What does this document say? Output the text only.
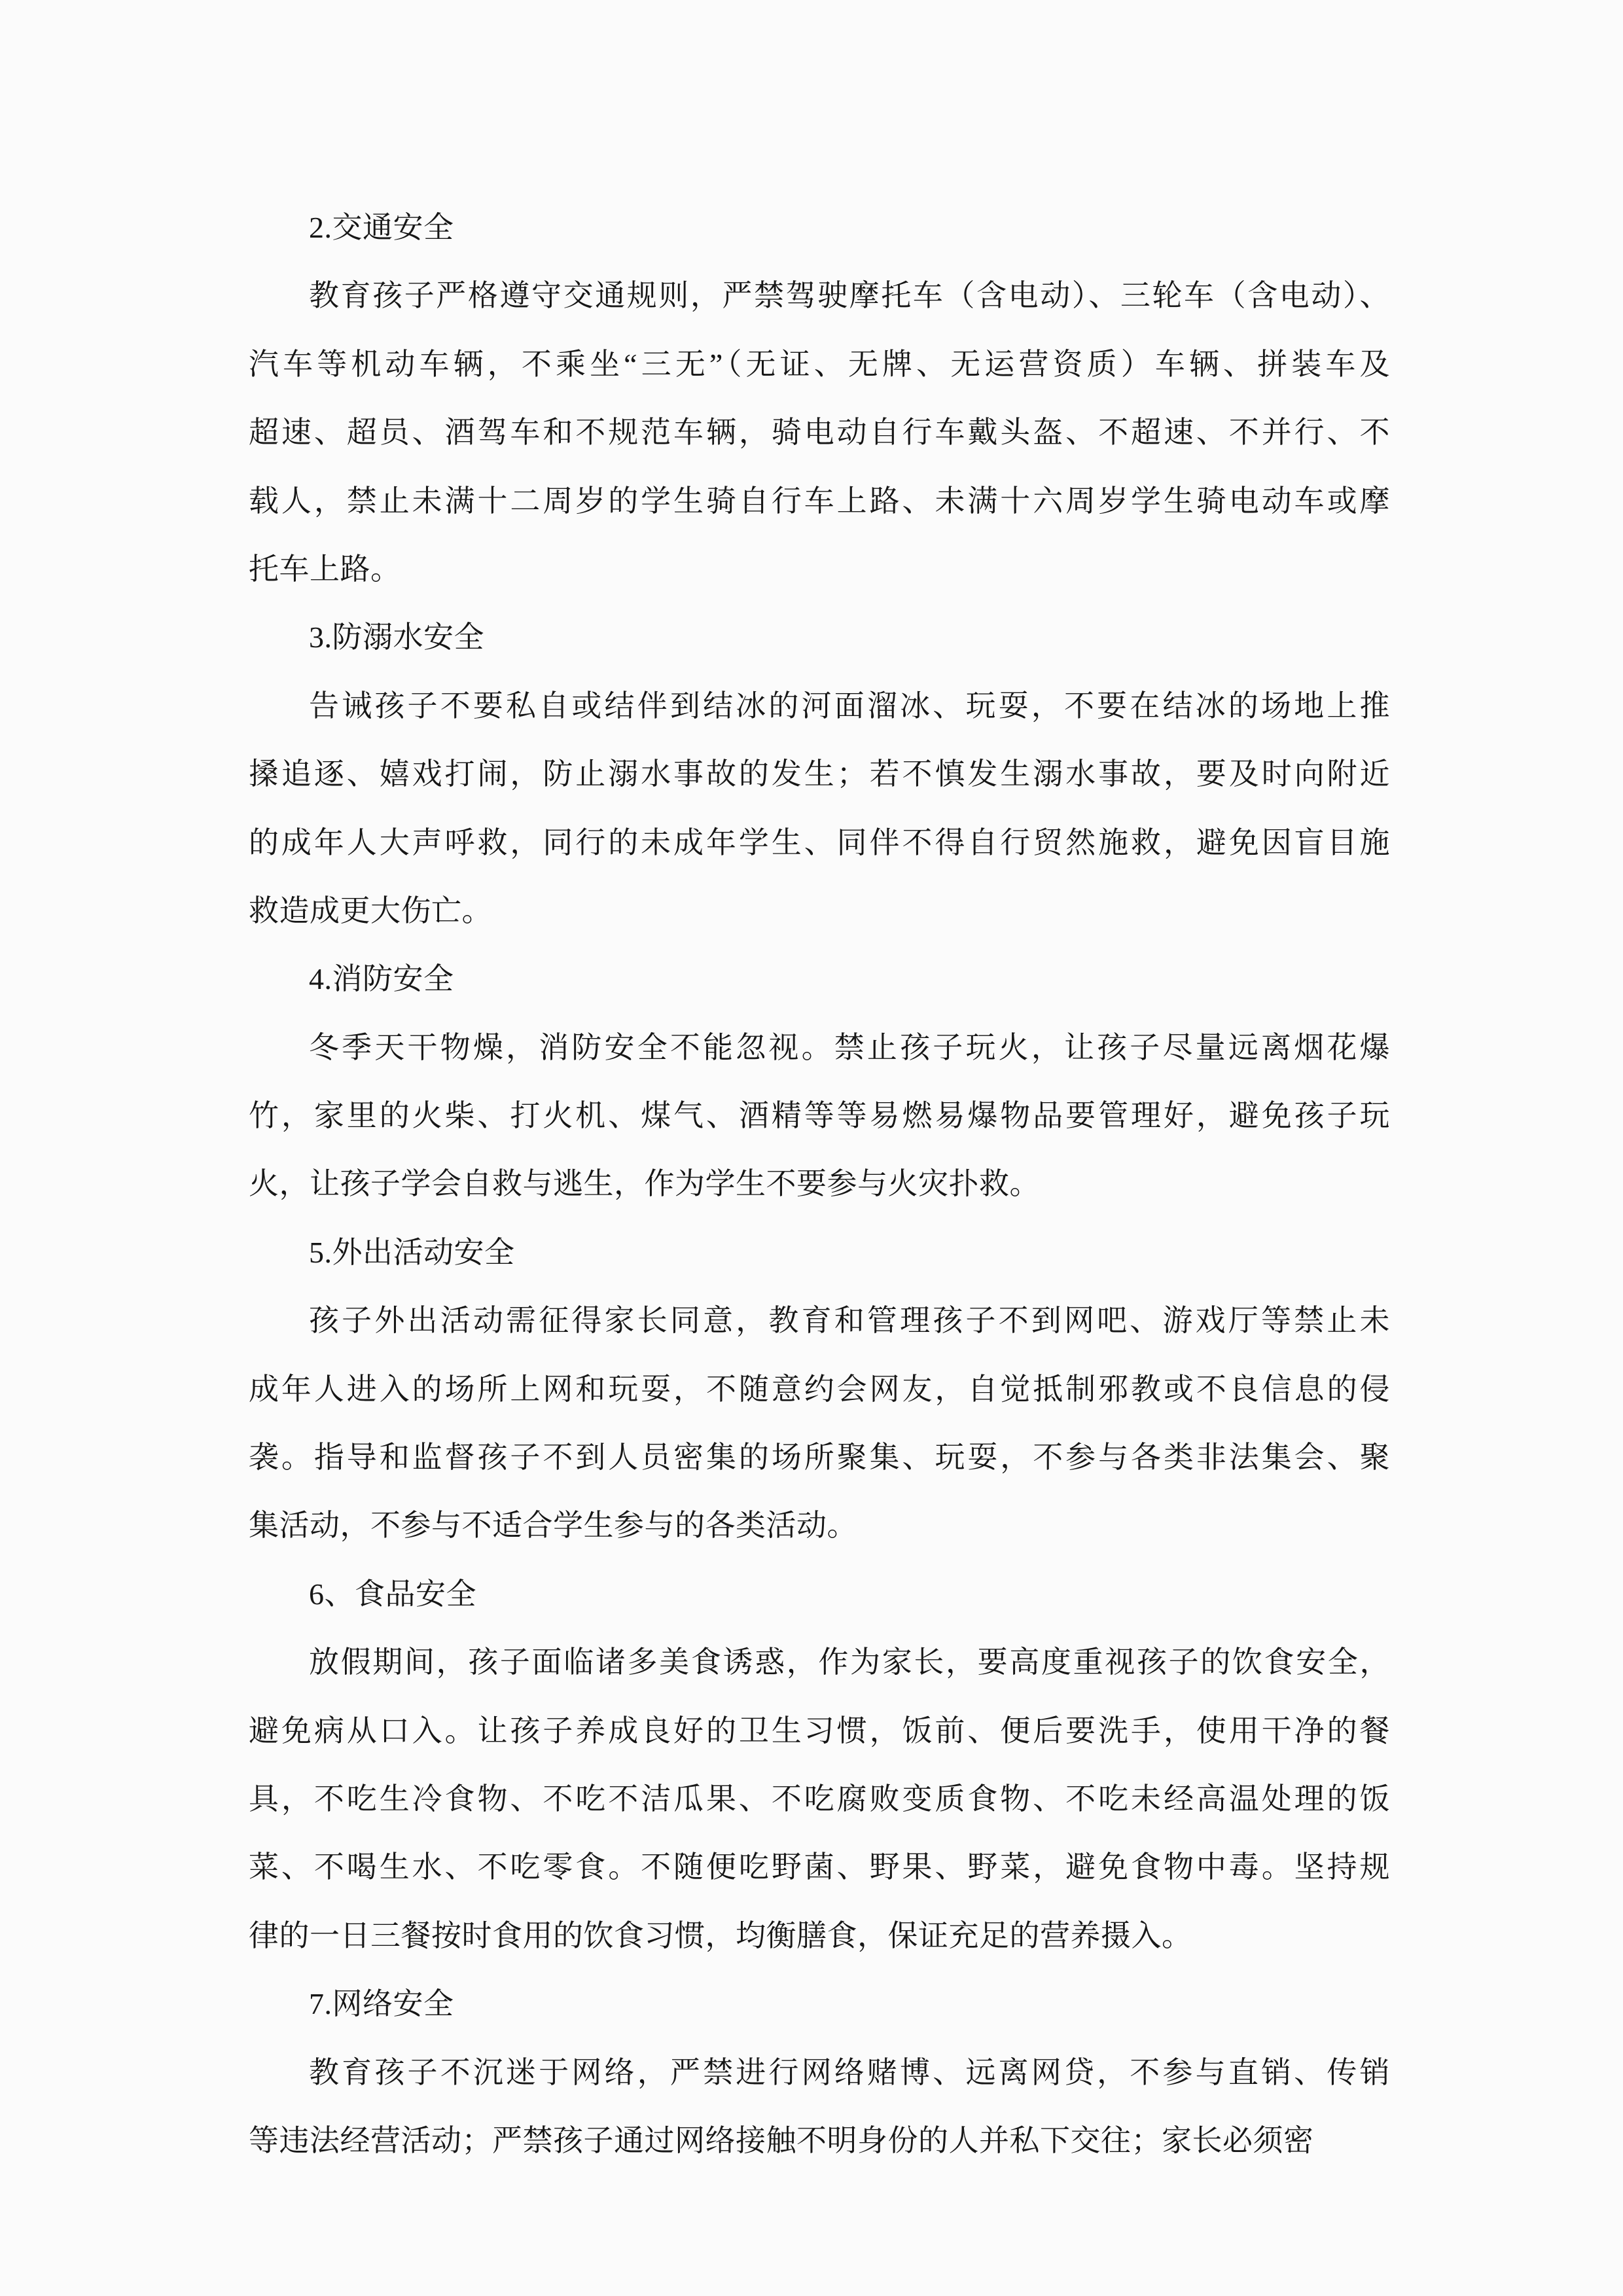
2.交通安全
教育孩子严格遵守交通规则，严禁驾驶摩托车（含电动）、三轮车（含电动）、
汽车等机动车辆，不乘坐“三无”（无证、无牌、无运营资质）车辆、拼装车及
超速、超员、酒驾车和不规范车辆，骑电动自行车戴头盔、不超速、不并行、不
载人，禁止未满十二周岁的学生骑自行车上路、未满十六周岁学生骑电动车或摩
托车上路。
3.防溺水安全
告诫孩子不要私自或结伴到结冰的河面溜冰、玩耍，不要在结冰的场地上推
搡追逐、嬉戏打闹，防止溺水事故的发生；若不慎发生溺水事故，要及时向附近
的成年人大声呼救，同行的未成年学生、同伴不得自行贸然施救，避免因盲目施
救造成更大伤亡。
4.消防安全
冬季天干物燥，消防安全不能忽视。禁止孩子玩火，让孩子尽量远离烟花爆
竹，家里的火柴、打火机、煤气、酒精等等易燃易爆物品要管理好，避免孩子玩
火，让孩子学会自救与逃生，作为学生不要参与火灾扑救。
5.外出活动安全
孩子外出活动需征得家长同意，教育和管理孩子不到网吧、游戏厅等禁止未
成年人进入的场所上网和玩耍，不随意约会网友，自觉抵制邪教或不良信息的侵
袭。指导和监督孩子不到人员密集的场所聚集、玩耍，不参与各类非法集会、聚
集活动，不参与不适合学生参与的各类活动。
6、食品安全
放假期间，孩子面临诸多美食诱惑，作为家长，要高度重视孩子的饮食安全，
避免病从口入。让孩子养成良好的卫生习惯，饭前、便后要洗手，使用干净的餐
具，不吃生冷食物、不吃不洁瓜果、不吃腐败变质食物、不吃未经高温处理的饭
菜、不喝生水、不吃零食。不随便吃野菌、野果、野菜，避免食物中毒。坚持规
律的一日三餐按时食用的饮食习惯，均衡膳食，保证充足的营养摄入。
7.网络安全
教育孩子不沉迷于网络，严禁进行网络赌博、远离网贷，不参与直销、传销
等违法经营活动；严禁孩子通过网络接触不明身份的人并私下交往；家长必须密
